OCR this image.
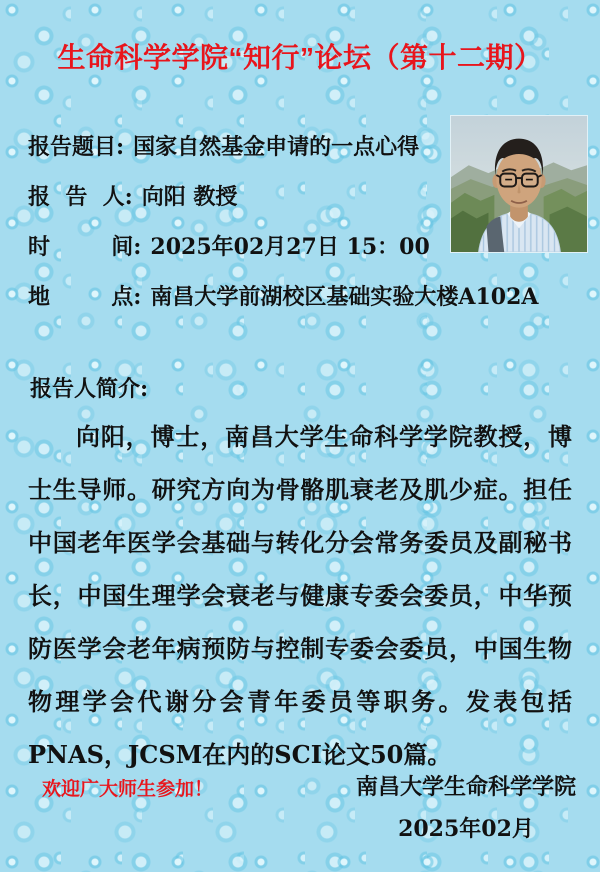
生命科学学院“知行”论坛（第十二期）
报告题目: 国家自然基金申请的一点心得
报  告  人: 向阳 教授
时        间: 2025年02月27日 15：00
地        点: 南昌大学前湖校区基础实验大楼A102A
报告人简介:
向阳，博士，南昌大学生命科学学院教授，博士生导师。研究方向为骨骼肌衰老及肌少症。担任中国老年医学会基础与转化分会常务委员及副秘书长，中国生理学会衰老与健康专委会委员，中华预防医学会老年病预防与控制专委会委员，中国生物物理学会代谢分会青年委员等职务。发表包括PNAS，JCSM在内的SCI论文50篇。
欢迎广大师生参加！	南昌大学生命科学学院
2025年02月
